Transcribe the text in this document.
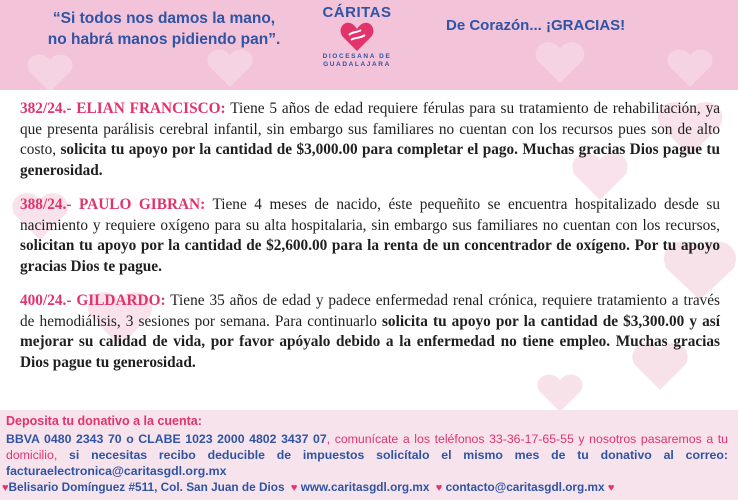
“Si todos nos damos la mano,
no habrá manos pidiendo pan”.
CÁRITAS
DIOCESANA DE
GUADALAJARA
De Corazón... ¡GRACIAS!

382/24.- ELIAN FRANCISCO: Tiene 5 años de edad requiere férulas para su tratamiento de rehabilitación, ya que presenta parálisis cerebral infantil, sin embargo sus familiares no cuentan con los recursos pues son de alto costo, solicita tu apoyo por la cantidad de $3,000.00 para completar el pago. Muchas gracias Dios pague tu generosidad.

388/24.- PAULO GIBRAN: Tiene 4 meses de nacido, éste pequeñito se encuentra hospitalizado desde su nacimiento y requiere oxígeno para su alta hospitalaria, sin embargo sus familiares no cuentan con los recursos, solicitan tu apoyo por la cantidad de $2,600.00 para la renta de un concentrador de oxígeno. Por tu apoyo gracias Dios te pague.

400/24.- GILDARDO: Tiene 35 años de edad y padece enfermedad renal crónica, requiere tratamiento a través de hemodiálisis, 3 sesiones por semana. Para continuarlo solicita tu apoyo por la cantidad de $3,300.00 y así mejorar su calidad de vida, por favor apóyalo debido a la enfermedad no tiene empleo. Muchas gracias Dios pague tu generosidad.

Deposita tu donativo a la cuenta:
BBVA 0480 2343 70 o CLABE 1023 2000 4802 3437 07, comunícate a los teléfonos 33-36-17-65-55 y nosotros pasaremos a tu domicilio, si necesitas recibo deducible de impuestos solicítalo el mismo mes de tu donativo al correo: facturaelectronica@caritasgdl.org.mx
♥Belisario Domínguez #511, Col. San Juan de Dios  ♥ www.caritasgdl.org.mx  ♥ contacto@caritasgdl.org.mx ♥
